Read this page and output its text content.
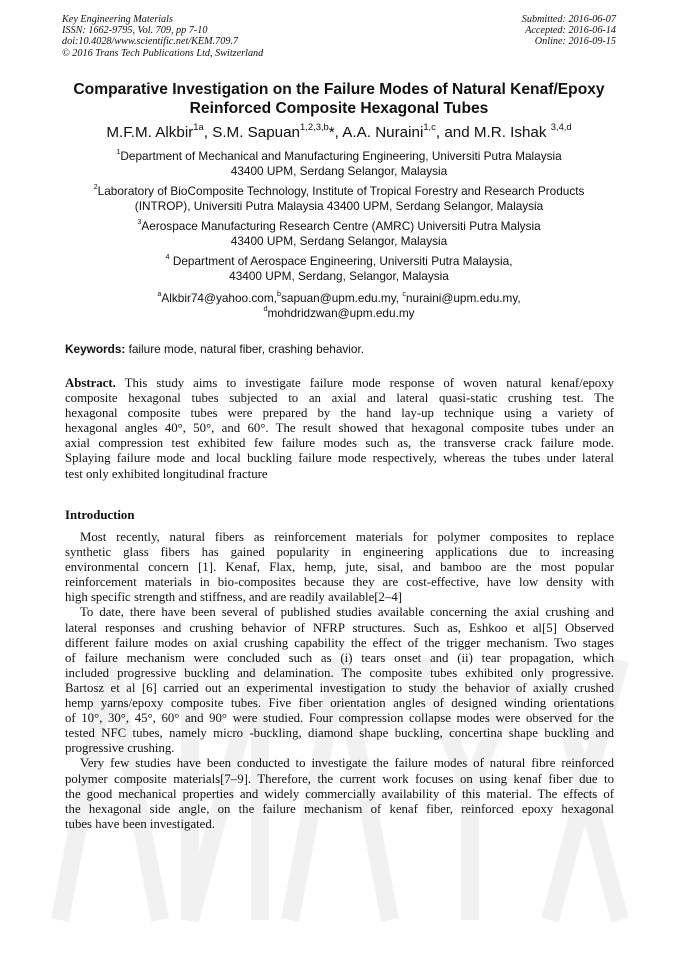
Key Engineering Materials
ISSN: 1662-9795, Vol. 709, pp 7-10
doi:10.4028/www.scientific.net/KEM.709.7
© 2016 Trans Tech Publications Ltd, Switzerland
Submitted: 2016-06-07
Accepted: 2016-06-14
Online: 2016-09-15
Comparative Investigation on the Failure Modes of Natural Kenaf/Epoxy
Reinforced Composite Hexagonal Tubes
M.F.M. Alkbir$^{1a}$, S.M. Sapuan$^{1,2,3,b}$*, A.A. Nuraini$^{1,c}$, and M.R. Ishak $^{3,4,d}$
$^1$Department of Mechanical and Manufacturing Engineering, Universiti Putra Malaysia
43400 UPM, Serdang Selangor, Malaysia
$^2$Laboratory of BioComposite Technology, Institute of Tropical Forestry and Research Products
(INTROP), Universiti Putra Malaysia 43400 UPM, Serdang Selangor, Malaysia
$^3$Aerospace Manufacturing Research Centre (AMRC) Universiti Putra Malysia
43400 UPM, Serdang Selangor, Malaysia
$^4$ Department of Aerospace Engineering, Universiti Putra Malaysia,
43400 UPM, Serdang, Selangor, Malaysia
$^a$Alkbir74@yahoo.com,$^b$sapuan@upm.edu.my, $^c$nuraini@upm.edu.my,
$^d$mohdridzwan@upm.edu.my
Keywords: failure mode, natural fiber, crashing behavior.
Abstract. This study aims to investigate failure mode response of woven natural kenaf/epoxy
composite hexagonal tubes subjected to an axial and lateral quasi-static crushing test. The
hexagonal composite tubes were prepared by the hand lay-up technique using a variety of
hexagonal angles 40°, 50°, and 60°. The result showed that hexagonal composite tubes under an
axial compression test exhibited few failure modes such as, the transverse crack failure mode.
Splaying failure mode and local buckling failure mode respectively, whereas the tubes under lateral
test only exhibited longitudinal fracture
Introduction
Most recently, natural fibers as reinforcement materials for polymer composites to replace
synthetic glass fibers has gained popularity in engineering applications due to increasing
environmental concern [1]. Kenaf, Flax, hemp, jute, sisal, and bamboo are the most popular
reinforcement materials in bio-composites because they are cost-effective, have low density with
high specific strength and stiffness, and are readily available[2–4]
To date, there have been several of published studies available concerning the axial crushing and
lateral responses and crushing behavior of NFRP structures. Such as, Eshkoo et al[5] Observed
different failure modes on axial crushing capability the effect of the trigger mechanism. Two stages
of failure mechanism were concluded such as (i) tears onset and (ii) tear propagation, which
included progressive buckling and delamination. The composite tubes exhibited only progressive.
Bartosz et al [6] carried out an experimental investigation to study the behavior of axially crushed
hemp yarns/epoxy composite tubes. Five fiber orientation angles of designed winding orientations
of 10°, 30°, 45°, 60° and 90° were studied. Four compression collapse modes were observed for the
tested NFC tubes, namely micro -buckling, diamond shape buckling, concertina shape buckling and
progressive crushing.
Very few studies have been conducted to investigate the failure modes of natural fibre reinforced
polymer composite materials[7–9]. Therefore, the current work focuses on using kenaf fiber due to
the good mechanical properties and widely commercially availability of this material. The effects of
the hexagonal side angle, on the failure mechanism of kenaf fiber, reinforced epoxy hexagonal
tubes have been investigated.
